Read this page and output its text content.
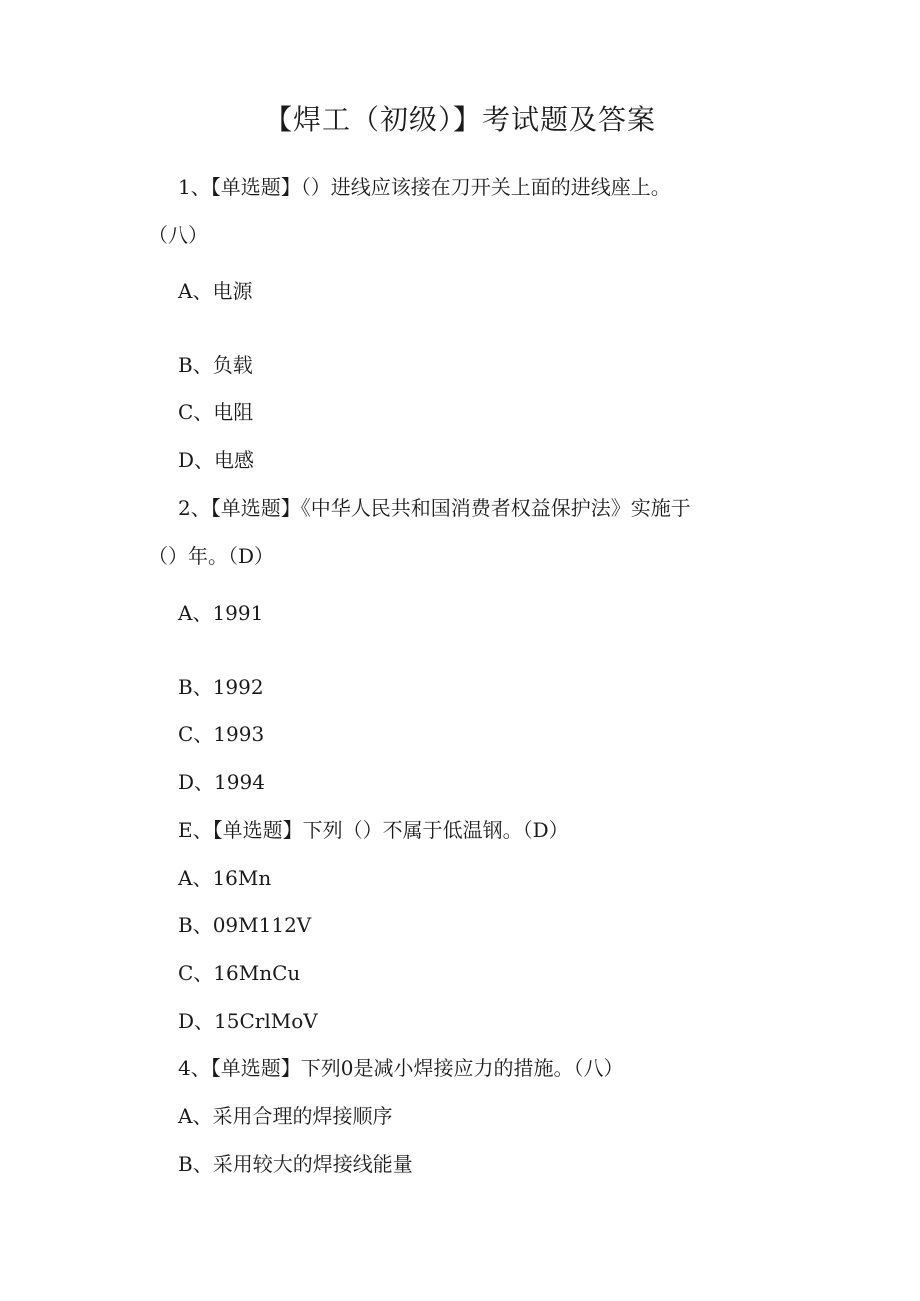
【焊工（初级）】考试题及答案
1、【单选题】（）进线应该接在刀开关上面的进线座上。
（八）
A、电源
B、负载
C、电阻
D、电感
2、【单选题】《中华人民共和国消费者权益保护法》实施于
（）年。（D）
A、1991
B、1992
C、1993
D、1994
E、【单选题】下列（）不属于低温钢。（D）
A、16Mn
B、09M112V
C、16MnCu
D、15CrlMoV
4、【单选题】下列0是减小焊接应力的措施。（八）
A、采用合理的焊接顺序
B、采用较大的焊接线能量
